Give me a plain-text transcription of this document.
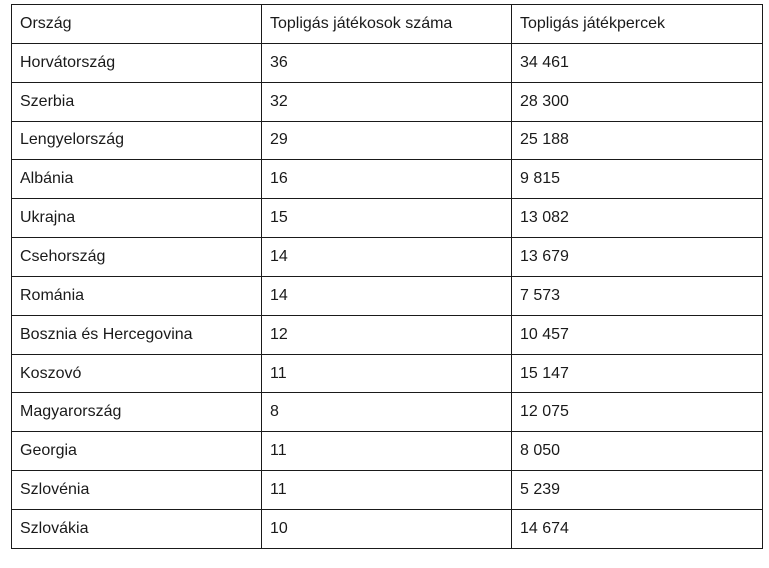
Ország	Topligás játékosok száma	Topligás játékpercek
Horvátország	36	34 461
Szerbia	32	28 300
Lengyelország	29	25 188
Albánia	16	9 815
Ukrajna	15	13 082
Csehország	14	13 679
Románia	14	7 573
Bosznia és Hercegovina	12	10 457
Koszovó	11	15 147
Magyarország	8	12 075
Georgia	11	8 050
Szlovénia	11	5 239
Szlovákia	10	14 674
